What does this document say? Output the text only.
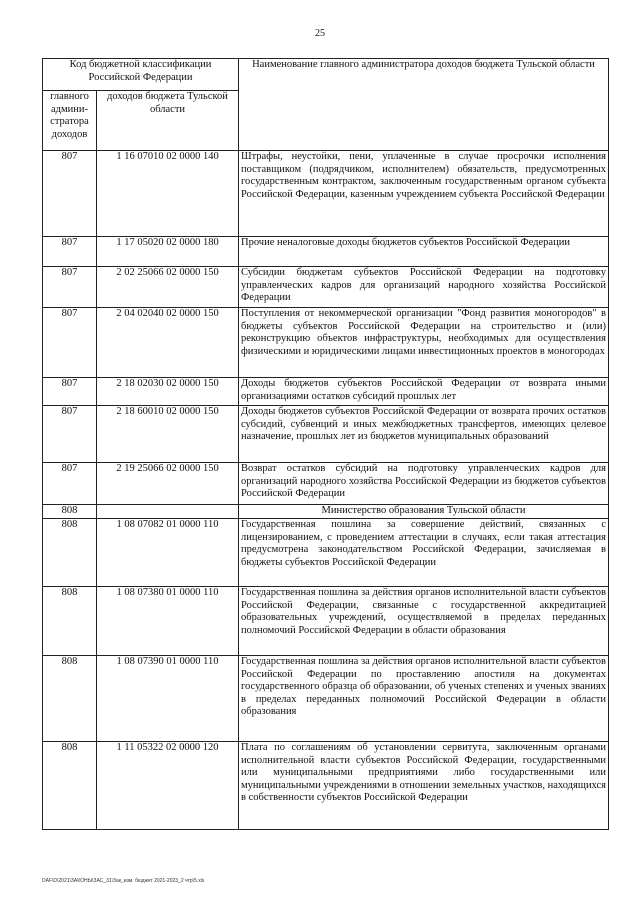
25
Код бюджетной классификации Российской Федерации		Наименование главного администратора доходов бюджета Тульской области
главного админи-стратора доходов	доходов бюджета Тульской области	
807	1 16 07010 02 0000 140	Штрафы, неустойки, пени, уплаченные в случае просрочки исполнения поставщиком (подрядчиком, исполнителем) обязательств, предусмотренных государственным контрактом, заключенным государственным органом субъекта Российской Федерации, казенным учреждением субъекта Российской Федерации
807	1 17 05020 02 0000 180	Прочие неналоговые доходы бюджетов субъектов Российской Федерации
807	2 02 25066 02 0000 150	Субсидии бюджетам субъектов Российской Федерации на подготовку управленческих кадров для организаций народного хозяйства Российской Федерации
807	2 04 02040 02 0000 150	Поступления от некоммерческой организации "Фонд развития моногородов" в бюджеты субъектов Российской Федерации на строительство и (или) реконструкцию объектов инфраструктуры, необходимых для осуществления физическими и юридическими лицами инвестиционных проектов в моногородах
807	2 18 02030 02 0000 150	Доходы бюджетов субъектов Российской Федерации от возврата иными организациями остатков субсидий прошлых лет
807	2 18 60010 02 0000 150	Доходы бюджетов субъектов Российской Федерации от возврата прочих остатков субсидий, субвенций и иных межбюджетных трансфертов, имеющих целевое назначение, прошлых лет из бюджетов муниципальных образований
807	2 19 25066 02 0000 150	Возврат остатков субсидий на подготовку управленческих кадров для организаций народного хозяйства Российской Федерации из бюджетов субъектов Российской Федерации
808		Министерство образования Тульской области
808	1 08 07082 01 0000 110	Государственная пошлина за совершение действий, связанных с лицензированием, с проведением аттестации в случаях, если такая аттестация предусмотрена законодательством Российской Федерации, зачисляемая в бюджеты субъектов Российской Федерации
808	1 08 07380 01 0000 110	Государственная пошлина за действия органов исполнительной власти субъектов Российской Федерации, связанные с государственной аккредитацией образовательных учреждений, осуществляемой в пределах переданных полномочий Российской Федерации в области образования
808	1 08 07390 01 0000 110	Государственная пошлина за действия органов исполнительной власти субъектов Российской Федерации по проставлению апостиля на документах государственного образца об образовании, об ученых степенях и ученых званиях в пределах переданных полномочий Российской Федерации в области образования
808	1 11 05322 02 0000 120	Плата по соглашениям об установлении сервитута, заключенным органами исполнительной власти субъектов Российской Федерации, государственными или муниципальными предприятиями либо государственными или муниципальными учреждениями в отношении земельных участков, находящихся в собственности субъектов Российской Федерации
DAF\D\2021\ЗАКОНЫ\ЗАС_31\Зак_изм. бюджет 2021-2023_2 чтр\5.xls
